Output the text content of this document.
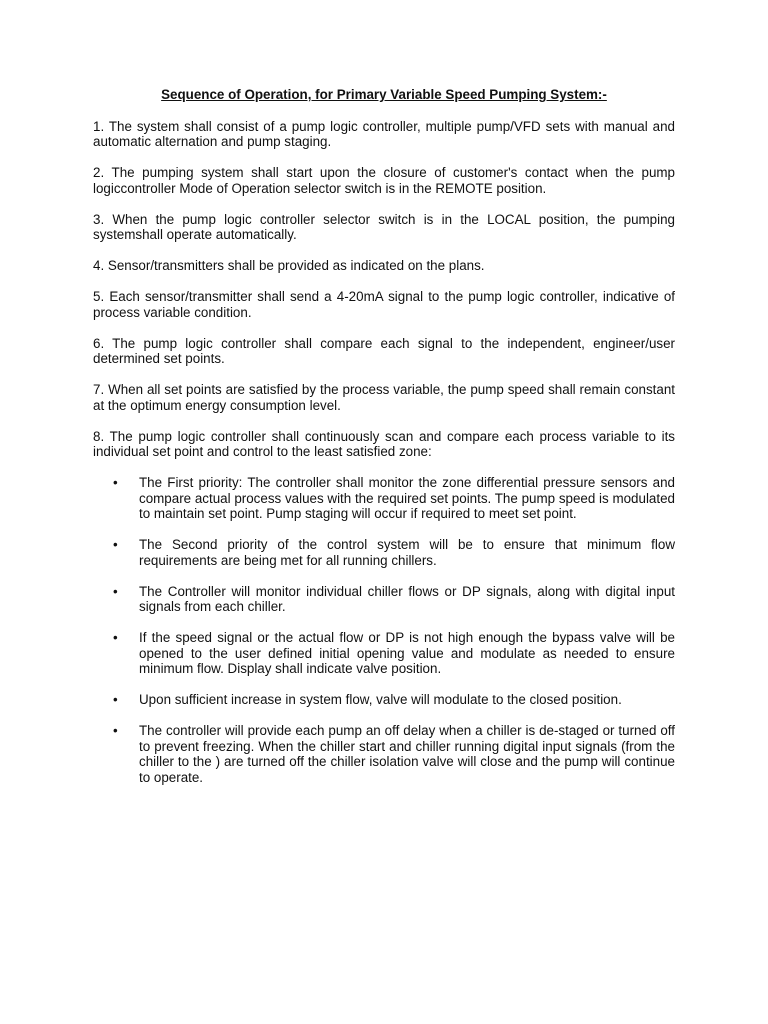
Sequence of Operation, for Primary Variable Speed Pumping System:-
1. The system shall consist of a pump logic controller, multiple pump/VFD sets with manual and automatic alternation and pump staging.
2. The pumping system shall start upon the closure of customer's contact when the pump logiccontroller Mode of Operation selector switch is in the REMOTE position.
3. When the pump logic controller selector switch is in the LOCAL position, the pumping systemshall operate automatically.
4. Sensor/transmitters shall be provided as indicated on the plans.
5. Each sensor/transmitter shall send a 4-20mA signal to the pump logic controller, indicative of process variable condition.
6. The pump logic controller shall compare each signal to the independent, engineer/user determined set points.
7. When all set points are satisfied by the process variable, the pump speed shall remain constant at the optimum energy consumption level.
8. The pump logic controller shall continuously scan and compare each process variable to its individual set point and control to the least satisfied zone:
•	The First priority: The controller shall monitor the zone differential pressure sensors and compare actual process values with the required set points. The pump speed is modulated to maintain set point. Pump staging will occur if required to meet set point.
•	The Second priority of the control system will be to ensure that minimum flow requirements are being met for all running chillers.
•	The Controller will monitor individual chiller flows or DP signals, along with digital input signals from each chiller.
•	If the speed signal or the actual flow or DP is not high enough the bypass valve will be opened to the user defined initial opening value and modulate as needed to ensure minimum flow. Display shall indicate valve position.
•	Upon sufficient increase in system flow, valve will modulate to the closed position.
•	The controller will provide each pump an off delay when a chiller is de-staged or turned off to prevent freezing. When the chiller start and chiller running digital input signals (from the chiller to the ) are turned off the chiller isolation valve will close and the pump will continue to operate.
